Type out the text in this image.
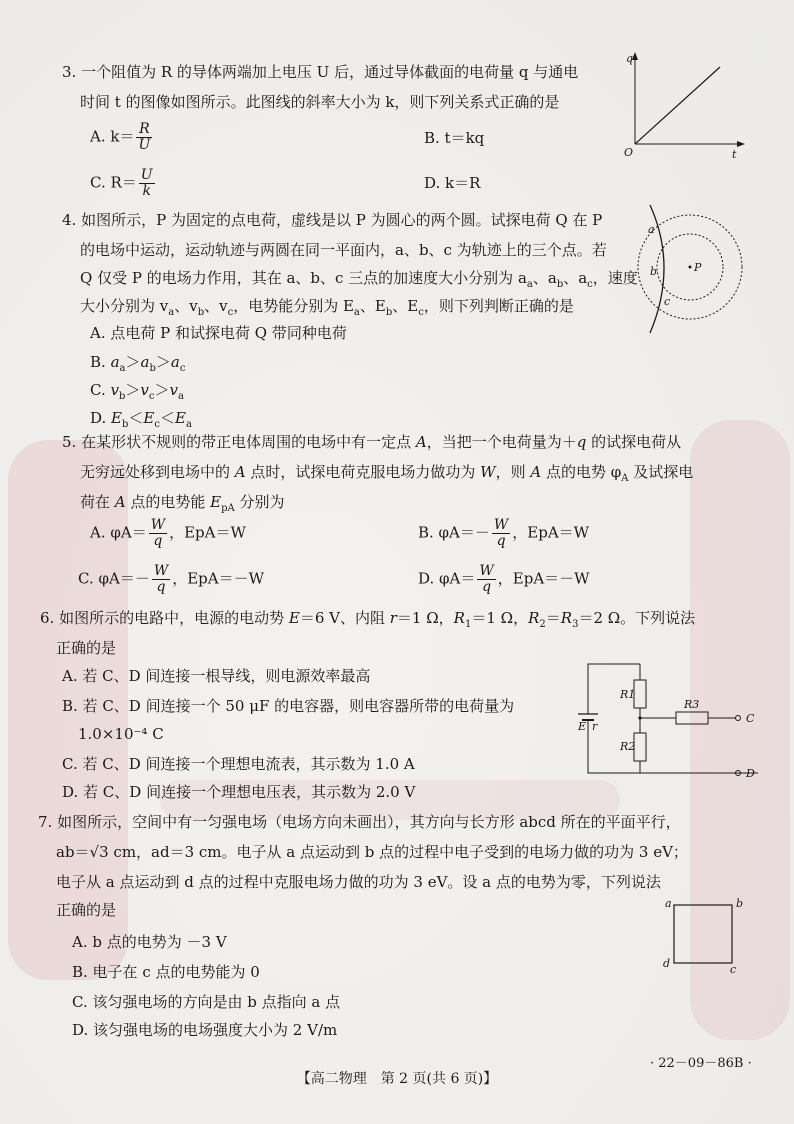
3. 一个阻值为 R 的导体两端加上电压 U 后，通过导体截面的电荷量 q 与通电
时间 t 的图像如图所示。此图线的斜率大小为 k，则下列关系式正确的是
A. $k= \frac{R}{U}$	B. t＝kq
C. $R= \frac{U}{k}$	D. k＝R
q
t
O
4. 如图所示，P 为固定的点电荷，虚线是以 P 为圆心的两个圆。试探电荷 Q 在 P
的电场中运动，运动轨迹与两圆在同一平面内，a、b、c 为轨迹上的三个点。若
Q 仅受 P 的电场力作用，其在 a、b、c 三点的加速度大小分别为 $a_a$、$a_b$、$a_c$，速度
大小分别为 $v_a$、$v_b$、$v_c$，电势能分别为 $E_a$、$E_b$、$E_c$，则下列判断正确的是
A. 点电荷 P 和试探电荷 Q 带同种电荷
B. $a_a>a_b>a_c$
C. $v_b>v_c>v_a$
D. $E_b<E_c<E_a$
P
a
b
c
5. 在某形状不规则的带正电体周围的电场中有一定点 A，当把一个电荷量为＋q 的试探电荷从
无穷远处移到电场中的 A 点时，试探电荷克服电场力做功为 W，则 A 点的电势 $\varphi_A$ 及试探电
荷在 A 点的电势能 $E_{pA}$ 分别为
A. $\varphi A= \frac{W}{q}$ ，EpA＝W	B. $\varphi A=- \frac{W}{q}$ ，EpA＝W
C. $\varphi A=- \frac{W}{q}$ ，EpA＝－W	D. $\varphi A= \frac{W}{q}$ ，EpA＝－W
6. 如图所示的电路中，电源的电动势 E＝6 V、内阻 r＝1 Ω，$R_1=1$ Ω，$R_2=R_3=2$ Ω。下列说法
正确的是
A. 若 C、D 间连接一根导线，则电源效率最高
B. 若 C、D 间连接一个 50 μF 的电容器，则电容器所带的电荷量为
1.0×10⁻⁴ C
C. 若 C、D 间连接一个理想电流表，其示数为 1.0 A
D. 若 C、D 间连接一个理想电压表，其示数为 2.0 V
R1
R2
R3
E r
C
D
7. 如图所示，空间中有一匀强电场（电场方向未画出），其方向与长方形 abcd 所在的平面平行，
ab＝√3 cm，ad＝3 cm。电子从 a 点运动到 b 点的过程中电子受到的电场力做的功为 3 eV；
电子从 a 点运动到 d 点的过程中克服电场力做的功为 3 eV。设 a 点的电势为零，下列说法
正确的是
A. b 点的电势为 －3 V
B. 电子在 c 点的电势能为 0
C. 该匀强电场的方向是由 b 点指向 a 点
D. 该匀强电场的电场强度大小为 2 V/m
a	b
c
d
· 22－09－86B ·
【高二物理　第 2 页(共 6 页)】
